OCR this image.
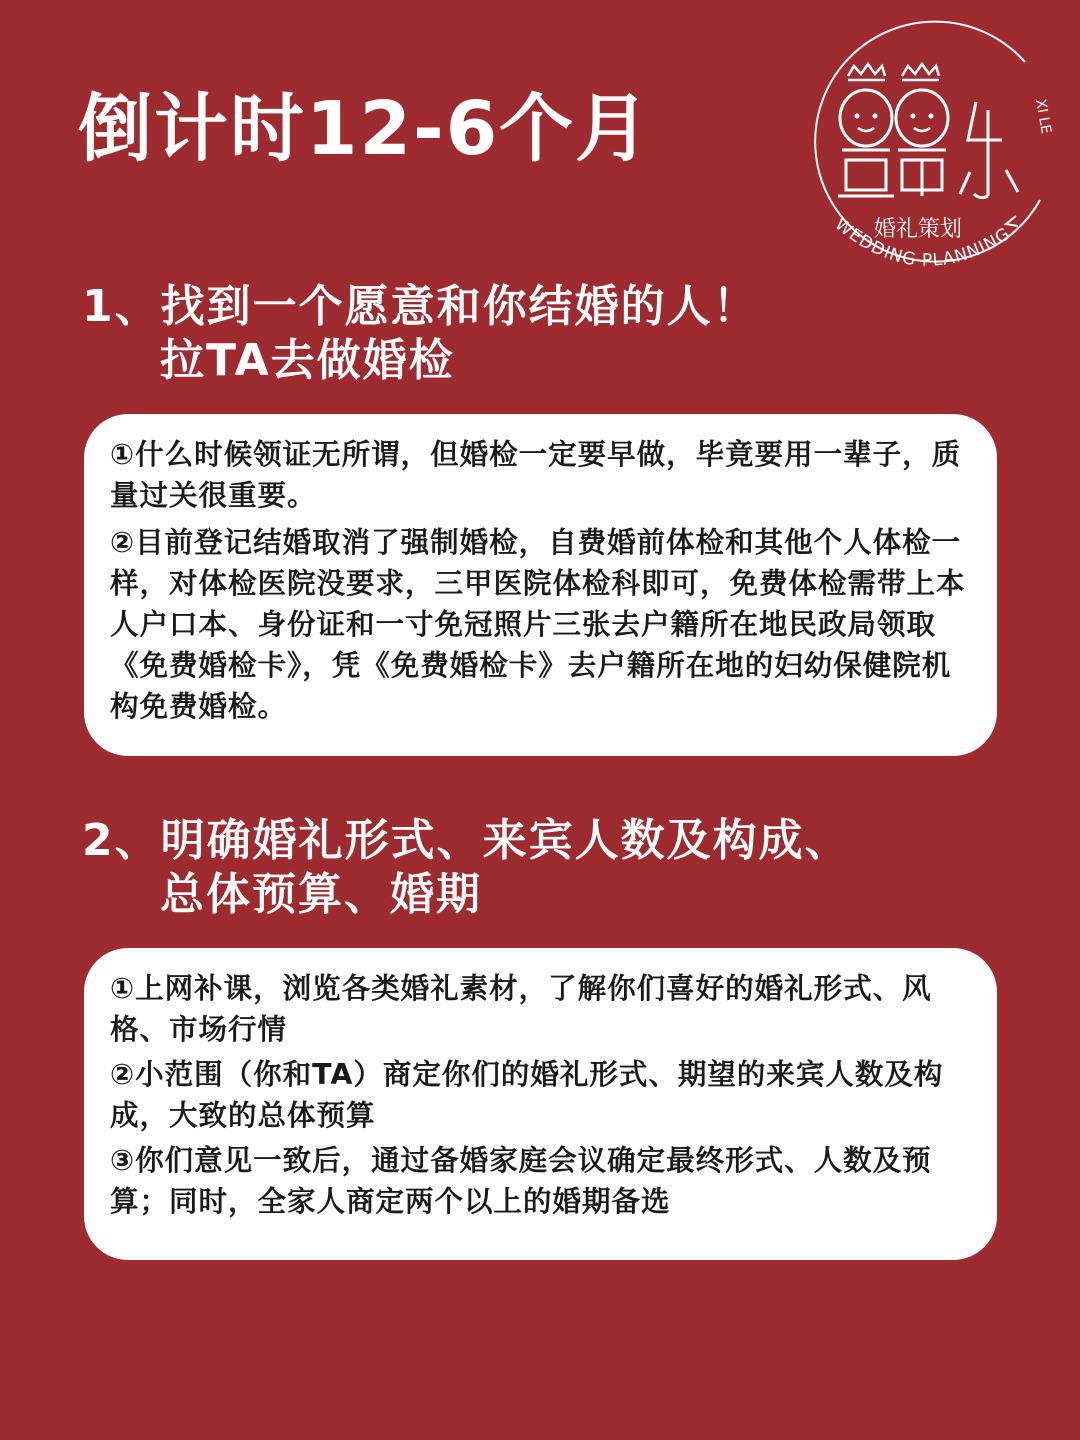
倒计时12-6个月
婚礼策划
WEDDING PLANNING
XI LE
1、找到一个愿意和你结婚的人！
拉TA去做婚检

①什么时候领证无所谓，但婚检一定要早做，毕竟要用一辈子，质量过关很重要。

②目前登记结婚取消了强制婚检，自费婚前体检和其他个人体检一样，对体检医院没要求，三甲医院体检科即可，免费体检需带上本人户口本、身份证和一寸免冠照片三张去户籍所在地民政局领取《免费婚检卡》，凭《免费婚检卡》去户籍所在地的妇幼保健院机构免费婚检。

2、明确婚礼形式、来宾人数及构成、
总体预算、婚期

①上网补课，浏览各类婚礼素材，了解你们喜好的婚礼形式、风格、市场行情

②小范围（你和TA）商定你们的婚礼形式、期望的来宾人数及构成，大致的总体预算

③你们意见一致后，通过备婚家庭会议确定最终形式、人数及预算；同时，全家人商定两个以上的婚期备选
